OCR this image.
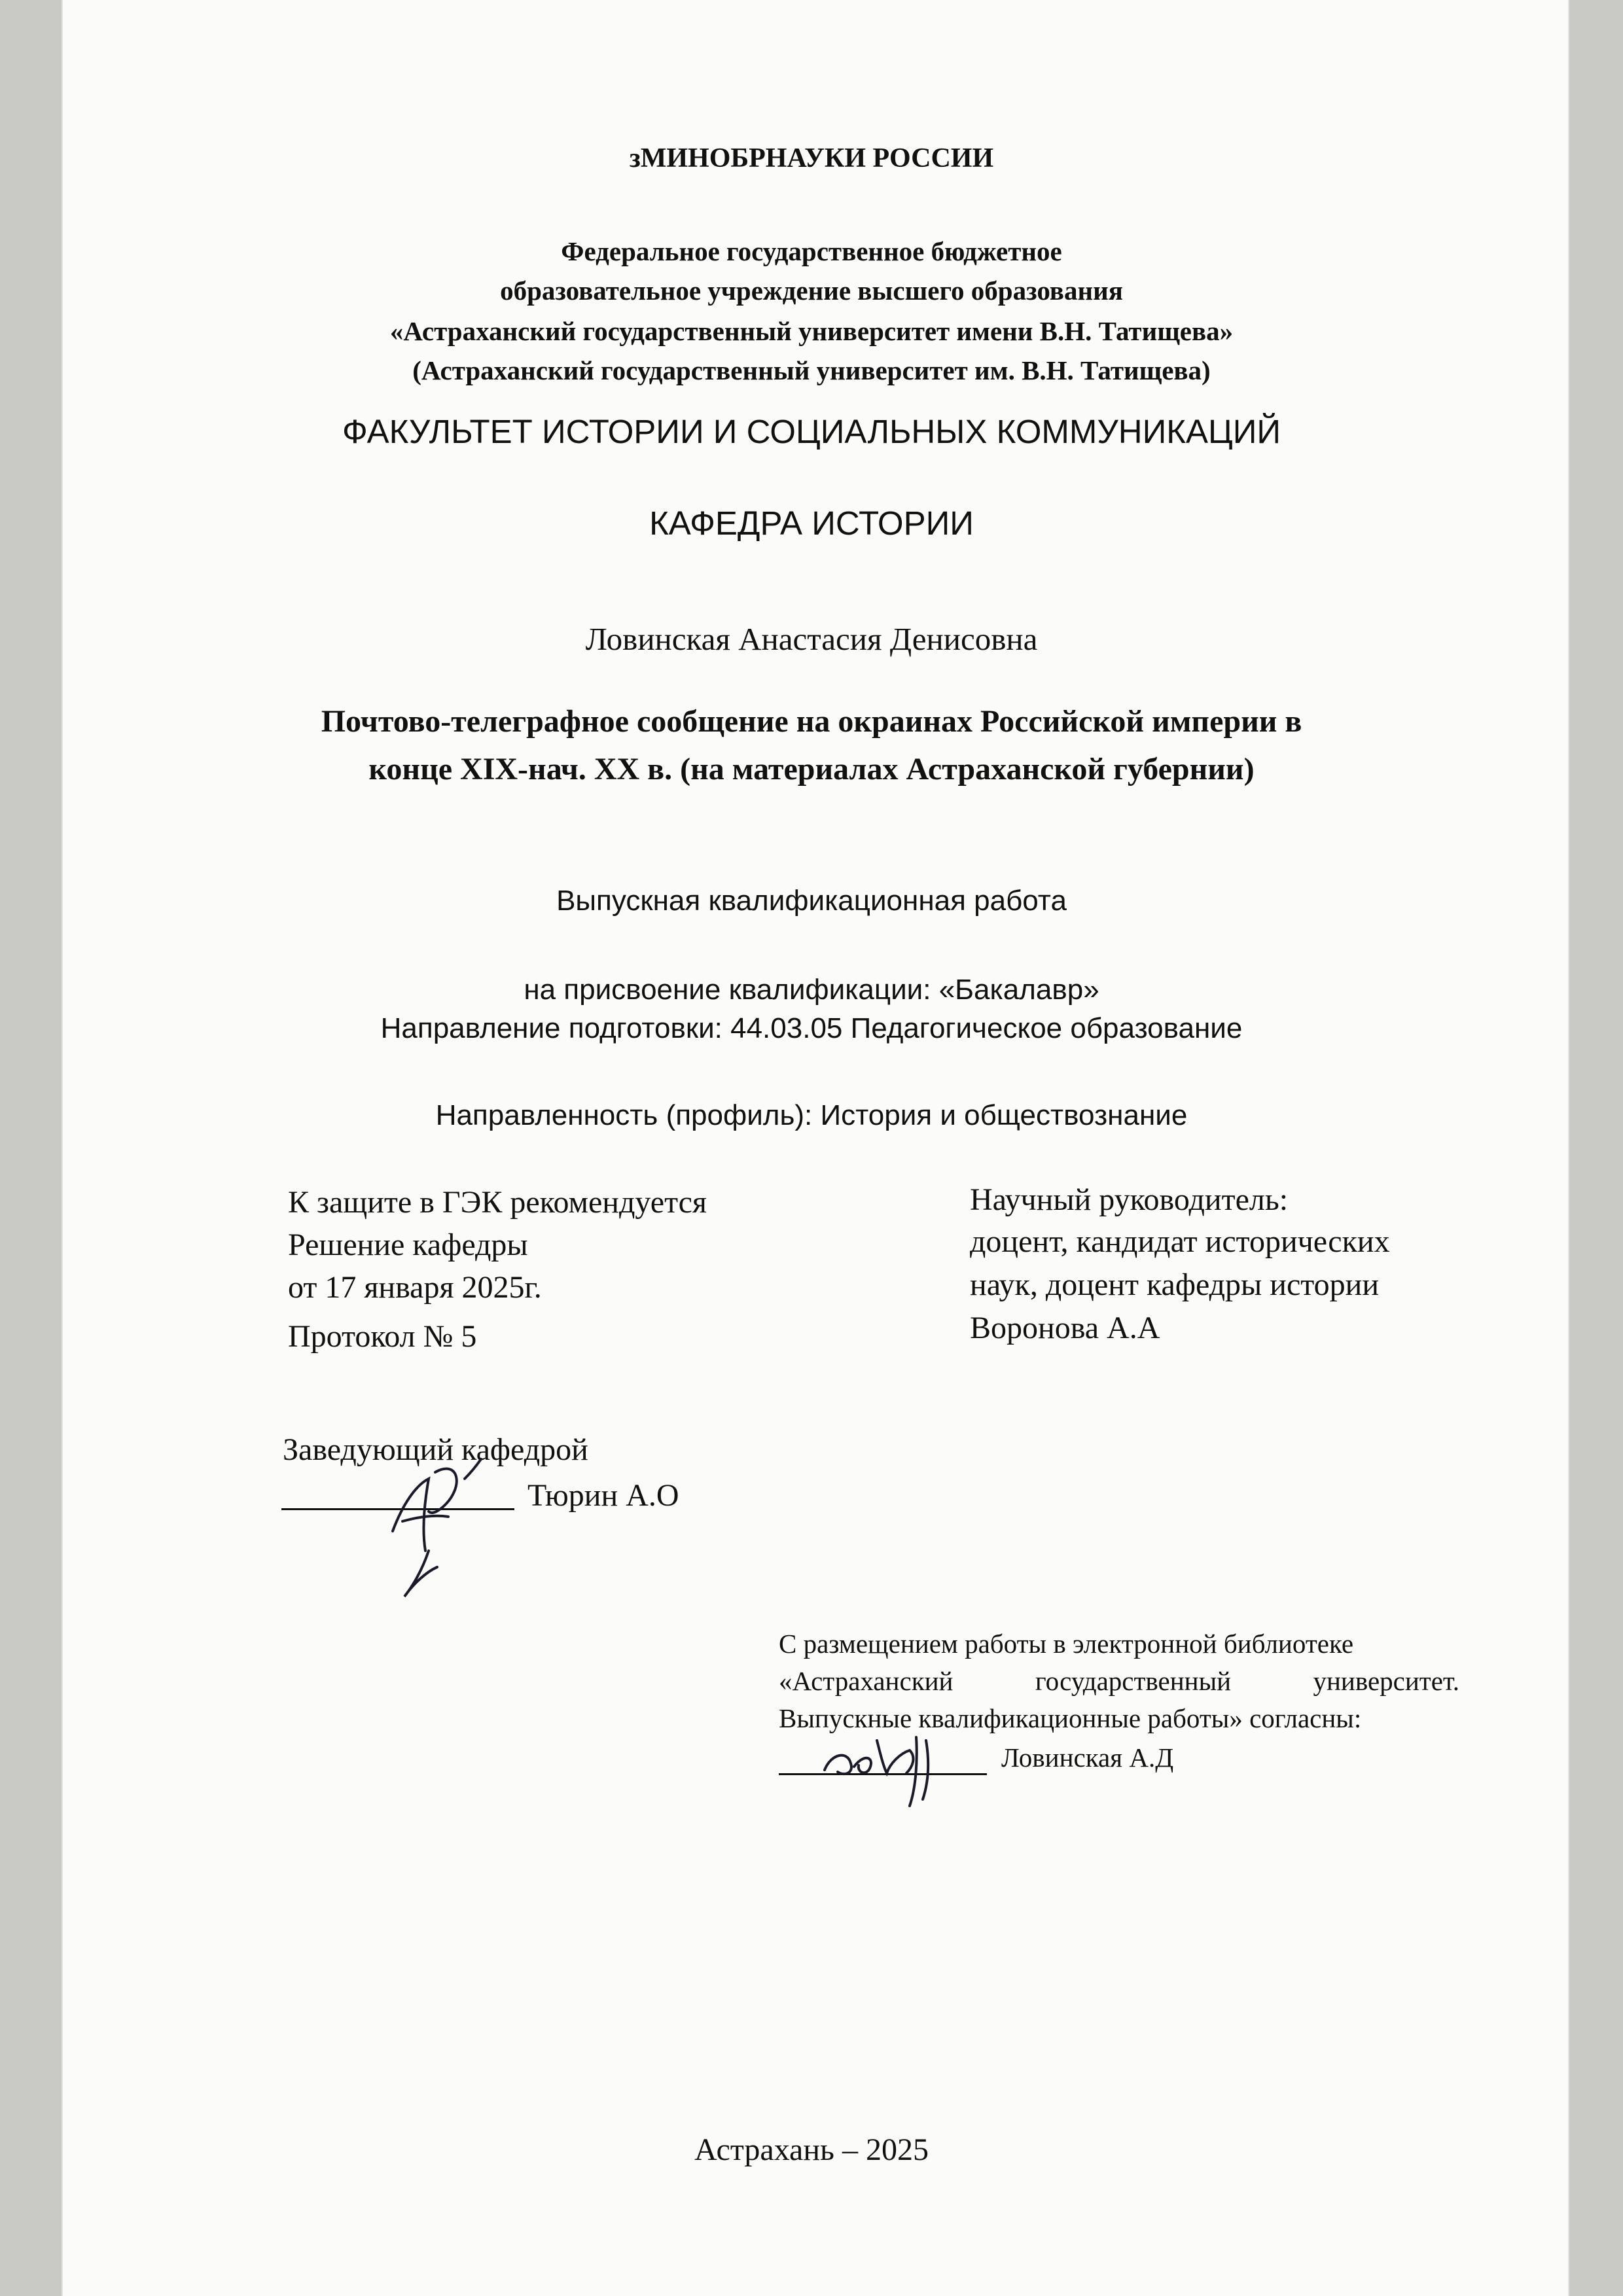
зМИНОБРНАУКИ РОССИИ
Федеральное государственное бюджетное
образовательное учреждение высшего образования
«Астраханский государственный университет имени В.Н. Татищева»
(Астраханский государственный университет им. В.Н. Татищева)
ФАКУЛЬТЕТ ИСТОРИИ И СОЦИАЛЬНЫХ КОММУНИКАЦИЙ
КАФЕДРА ИСТОРИИ
Ловинская Анастасия Денисовна
Почтово-телеграфное сообщение на окраинах Российской империи в
конце XIX-нач. XX в. (на материалах Астраханской губернии)
Выпускная квалификационная работа
на присвоение квалификации: «Бакалавр»
Направление подготовки: 44.03.05 Педагогическое образование
Направленность (профиль): История и обществознание
К защите в ГЭК рекомендуется
Решение кафедры
от 17 января 2025г.
Протокол № 5
Научный руководитель:
доцент, кандидат исторических
наук, доцент кафедры истории
Воронова А.А
Заведующий кафедрой
Тюрин А.О
С размещением работы в электронной библиотеке
«Астраханский	государственный	университет.
Выпускные квалификационные работы» согласны:
Ловинская А.Д
Астрахань – 2025
